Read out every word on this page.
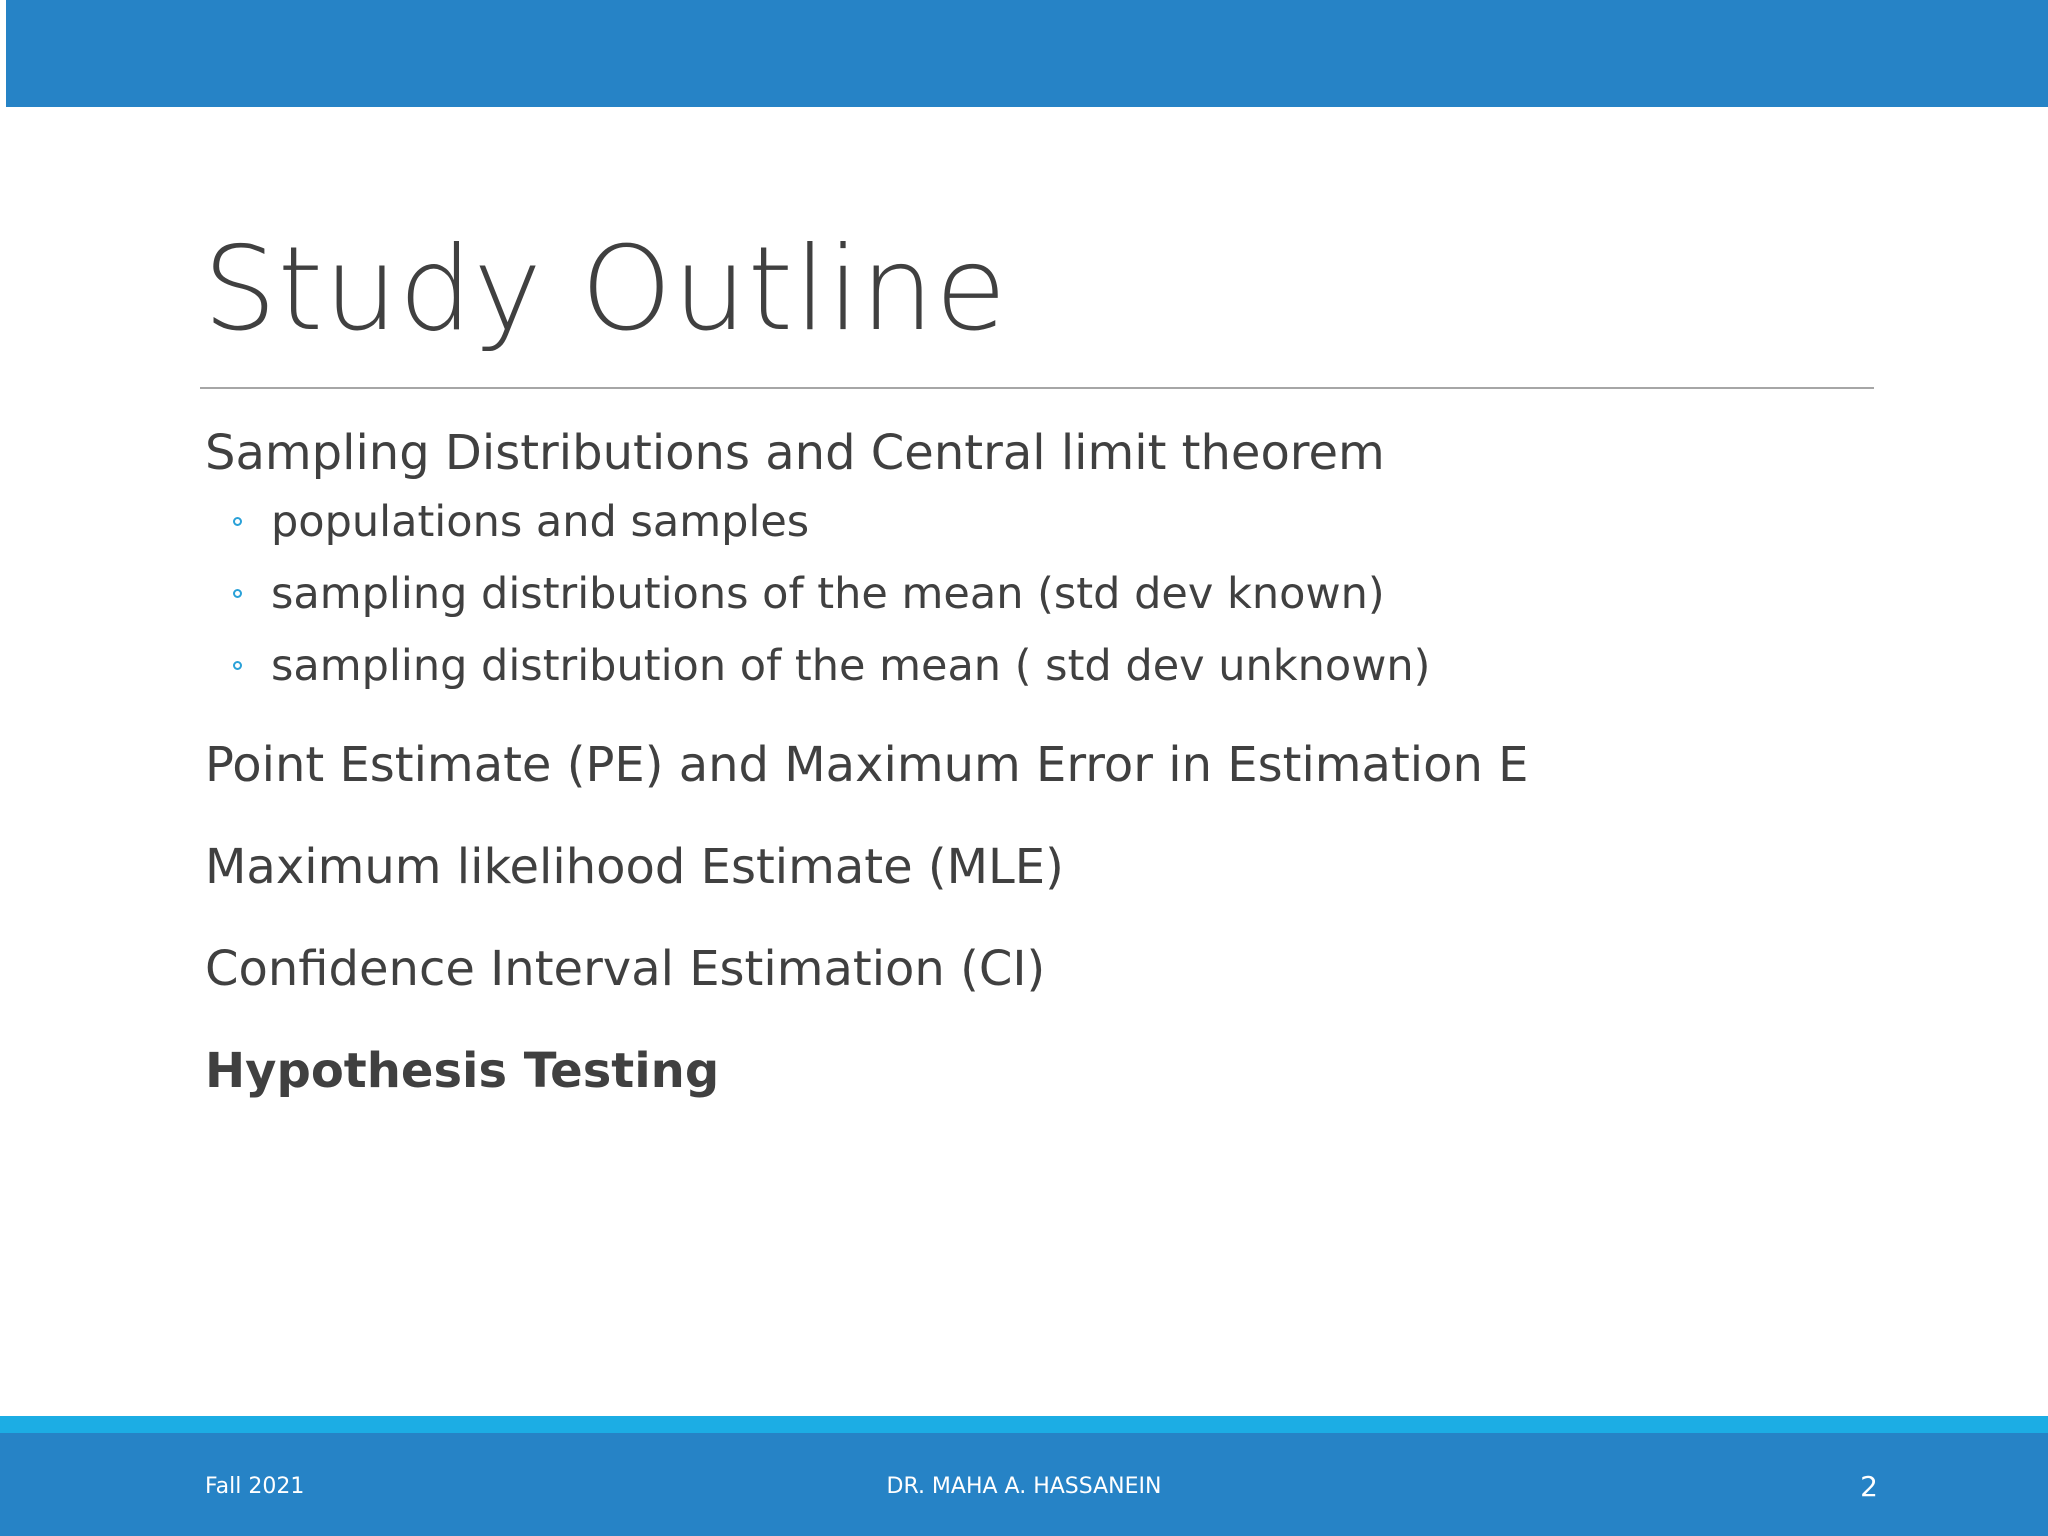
Study Outline
Sampling Distributions and Central limit theorem
populations and samples
sampling distributions of the mean (std dev known)
sampling distribution of the mean ( std dev unknown)
Point Estimate (PE) and Maximum Error in Estimation E
Maximum likelihood Estimate (MLE)
Confidence Interval Estimation (CI)
Hypothesis Testing
Fall 2021	DR. MAHA A. HASSANEIN	2
